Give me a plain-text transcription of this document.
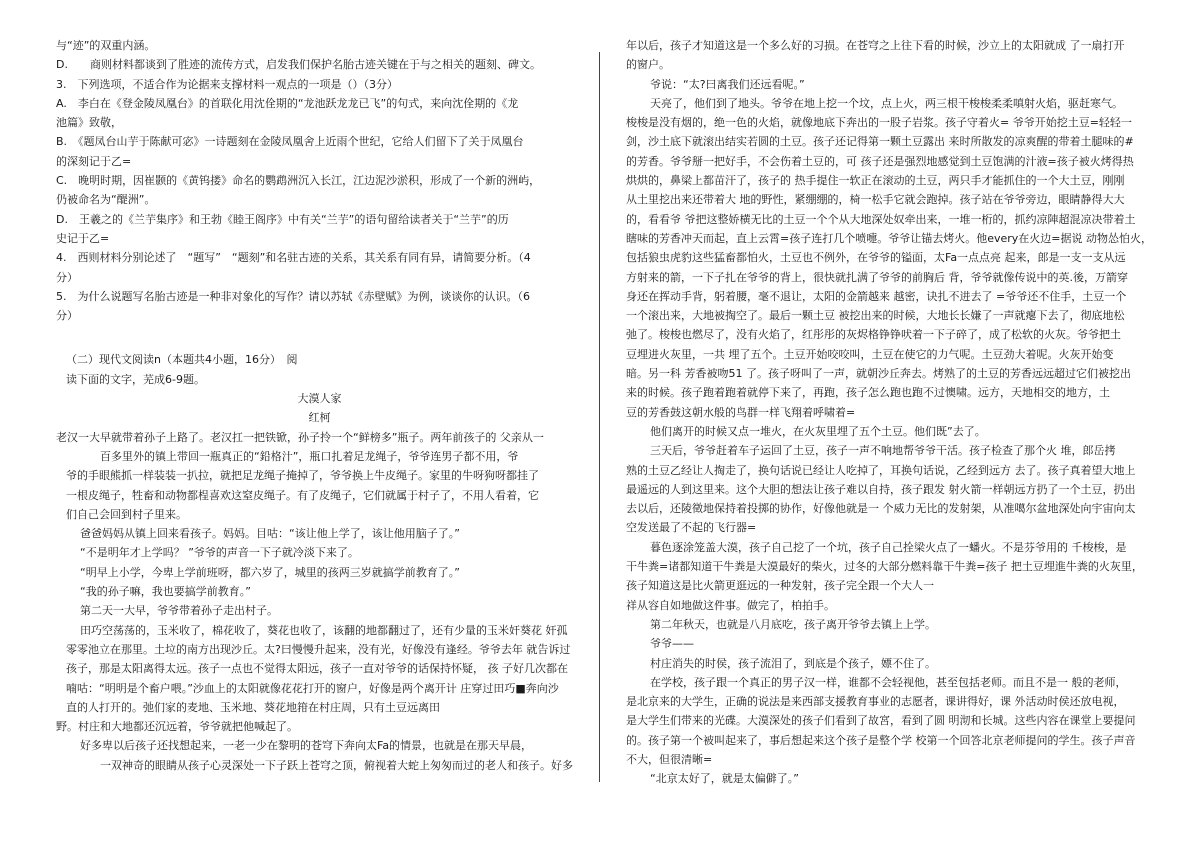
与“迹”的双重内涵。

D.　　商则材料都谈到了胜迹的流传方式，启发我们保护名胎古迹关键在于与之相关的题刻、碑文。

3.　下列选项，不适合作为论据来支撑材料一观点的一项是（）（3分）

A.　李白在《登金陵凤凰台》的首联化用沈佺期的“龙池跃龙龙已飞”的句式，来向沈佺期的《龙

池篇》致敬，

B.　《题凤台山芋于陈献可宓》一诗题刻在金陵凤凰舍上近雨个世纪，它给人们留下了关于凤凰台

的深刻记于乙=

C.　晚明时期，因崔颢的《黄钨搂》命名的鹦鹉洲沉入长江，江边泥沙淤积，形成了一个新的洲屿，

仍被命名为“醍洲”。

D.　王羲之的《兰芋集序》和王勃《睦王阁序》中有关“兰芋”的语句留给读者关于“兰芋”的历

史记于乙=

4.　西则材料分别论述了　“题写”　“题刻”和名驻古迹的关系，其关系有同有异，请简要分析。（4

分）

5.　为什么说题写名胎古迹是一种非对象化的写作？请以苏轼《赤壁赋》为例，谈谈你的认识。（6

分）

（二）现代文阅读n（本题共4小题，16分）　阅

读下面的文字，芜成6-9题。

大漠人家

红柯

老汉一大早就带着孙子上路了。老汉扛一把铁锨，孙子拎一个“鲜榜多”瓶子。两年前孩子的 父亲从一

百多里外的镇上带回一瓶真正的“鉛格汁”，瓶口扎着足龙绳子，爷爷连男子都不用，爷

爷的手眼熊抓一样装装一扒拉，就把足龙绳子掩掉了，爷爷换上牛皮绳子。家里的牛呀狗呀都挂了

一根皮绳子，牲畜和动物都桯喜欢这窒皮绳子。有了皮绳子，它们就属于村子了，不用人看着，它

们自己会回到村子里来。

爸爸妈妈从镇上回来看孩子。妈妈。目咕：“该让他上学了，该让他用脑子了。”

“不是明年才上学吗？ ”爷爷的声音一下子就冷淡下来了。

“明早上小学，今卑上学前班呀，都六岁了，城里的孩两三岁就搞学前教育了。”

“我的孙子嘛，我也要搞学前教育。”

第二天一大早，爷爷带着孙子走出村子。

田巧空荡荡的，玉米收了，棉花收了，葵花也收了，该翻的地都翻过了，还有少量的玉米奸葵花 奸孤

零零池立在那里。土垃的南方出现沙丘。太?曰慢慢升起来，没有光，好像没有逢经。爷爷去年 就告诉过

孩子，那是太阳离得太远。孩子一点也不觉得太阳远，孩子一直对爷爷的话保持怀疑， 孩 子好几次都在

喃咕：“明明是个畜户喂。”沙血上的太阳就像花花打开的窗户，好像是两个离开计 庄穿过田巧■奔向沙

直的人打开的。弛们家的麦地、玉米地、葵花地箝在村庄周，只有土豆远离田

野。村庄和大地都还沉远着，爷爷就把他喊起了。

好多卑以后孩子还找想起来，一老一少在黎明的苍穹下奔向太Fa的情景，也就是在那天早晨，

一双神奇的眼睛从孩子心灵深处一下子跃上苍穹之顶，俯视着大蛇上匆匆而过的老人和孩子。好多

年以后，孩子才知道这是一个多么好的习损。在苍穹之上往下看的时候，沙立上的太阳就成 了一扇打开

的窗户。

爷说：“太?曰离我们还远看呢。”

天亮了，他们到了地头。爷爷在地上挖一个坟，点上火，两三根干梭梭柔柔嗔射火焰，驱赶寒气。

梭梭是没有烟的，绝一色的火焰，就像地底下奔出的一股子岩浆。孩子守着火= 爷爷开始挖土豆=轻轻一

剑，沙土底下就滚出结实若圆的土豆。孩子还记得第一颗土豆露出 来时所散发的凉爽醒的带着土腿味的#

的芳香。爷爷掰一把好手，不会伤着土豆的，可 孩子还是强烈地感觉到土豆饱满的汁液=孩子被火烤得热

烘烘的，鼻梁上都苗汗了，孩子的 热手提住一软正在滚动的土豆，两只手才能抓住的一个大土豆，刚刚

从土里挖出来还带着大 地的野性，紧绷绷的，椅一松手它就会跑掉。孩子站在爷爷旁边，眼睛静得大大

的，看看爷 爷把这整娇横无比的土豆一个个从大地深处奴牵出来，一堆一桁的，抓约凉陣超混凉决带着土

瞎味的芳香冲天而起，直上云霄=孩子连打几个喷嚏。爷爷让锚去烤火。他every在火边=据说 动物怂怕火，

包括狼虫虎豹这些猛畜都怕火，土豆也不例外，在爷爷的镒面，太Fa一点点亮 起来，郎是一支一支从远

方射来的箭，一下子扎在爷爷的背上，很快就扎满了爷爷的前胸后 背，爷爷就像传说中的英.後，万箭穿

身还在挥动手背，躬着腰，毫不退让，太阳的金箭越来 越密，诀扎不进去了 =爷爷还不住手，土豆一个

一个滚出来，大地被掏空了。最后一颗土豆 被挖出来的时候，大地长长嫌了一声就瘪下去了，彻底地松

弛了。梭梭也燃尽了，没有火焰了，红彤彤的灰烬格铮铮吠着一下子碎了，成了松软的火灰。爷爷把土

豆埋进火灰里，一共 埋了五个。土豆开始咬咬叫，土豆在使它的力气呢。土豆劲大着呢。火灰开始变

暗。另一科 芳香被吻51 了。孩子呀叫了一声，就朝沙丘奔去。烤熟了的土豆的芳香远远超过它们被挖出

来的时候。孩子跑着跑着就停下来了，再跑，孩子怎么跑也跑不过懊啸。远方，天地相交的地方，土

豆的芳香鼓这朝水般的鸟群一样飞翔着呼啸着=

他们离开的时候又点一堆火，在火灰里埋了五个土豆。他们既”去了。

三天后，爷爷赶着车子运回了土豆，孩子一声不响地帮爷爷干活。孩子检查了那个火 堆，郎岳拷

熟的土豆乙经让人掏走了，换句话说已经让人吃掉了，耳换句话说，乙经到远方 去了。孩子真着望大地上

最遥远的人到这里来。这个大胆的想法让孩子难以自持，孩子跟发 射火箭一样朝远方扔了一个土豆，扔出

去以后，还陵徵地保持着投掷的协作，好像他就是一 个威力无比的发射架，从准噶尔盆地深处向宇宙向太

空发送最了不起的飞行器=

暮色逐涂笼盖大漠，孩子自己挖了一个坑，孩子自己拴梁火点了一蟠火。不是芬爷用的 千梭梭，是

干牛粪=诸都知道干牛粪是大漠最好的柴火，过冬的大部分燃料靠干牛粪=孩子 把土豆埋進牛粪的火灰里，

孩子知道这是比火箭更逛远的一种发射，孩子完全跟一个大人一

祥从容自如地做这件事。做完了，柏拍手。

第二年秋天，也就是八月底吃，孩子离开爷爷去镇上上学。

爷爷——

村庄消失的时侯，孩子流泪了，到底是个孩子，嫖不住了。

在学校，孩子跟一个真正的男子汉一样，谁都不会轻视他，甚至包括老师。而且不是一 般的老师，

是北京来的大学生，正确的说法是来西部支援教育事业的志愿者，课讲得好，课 外活动时侯还放电视，

是大学生们带来的光碟。大漠深处的孩子们看到了故宮，看到了圆 明沏和长城。这些内容在课堂上要提问

的。孩子第一个被叫起来了，事后想起来这个孩子是整个学 校第一个回答北京老师提问的学生。孩子声音

不大，但很清晰=

“北京太好了，就是太偏僻了。”
